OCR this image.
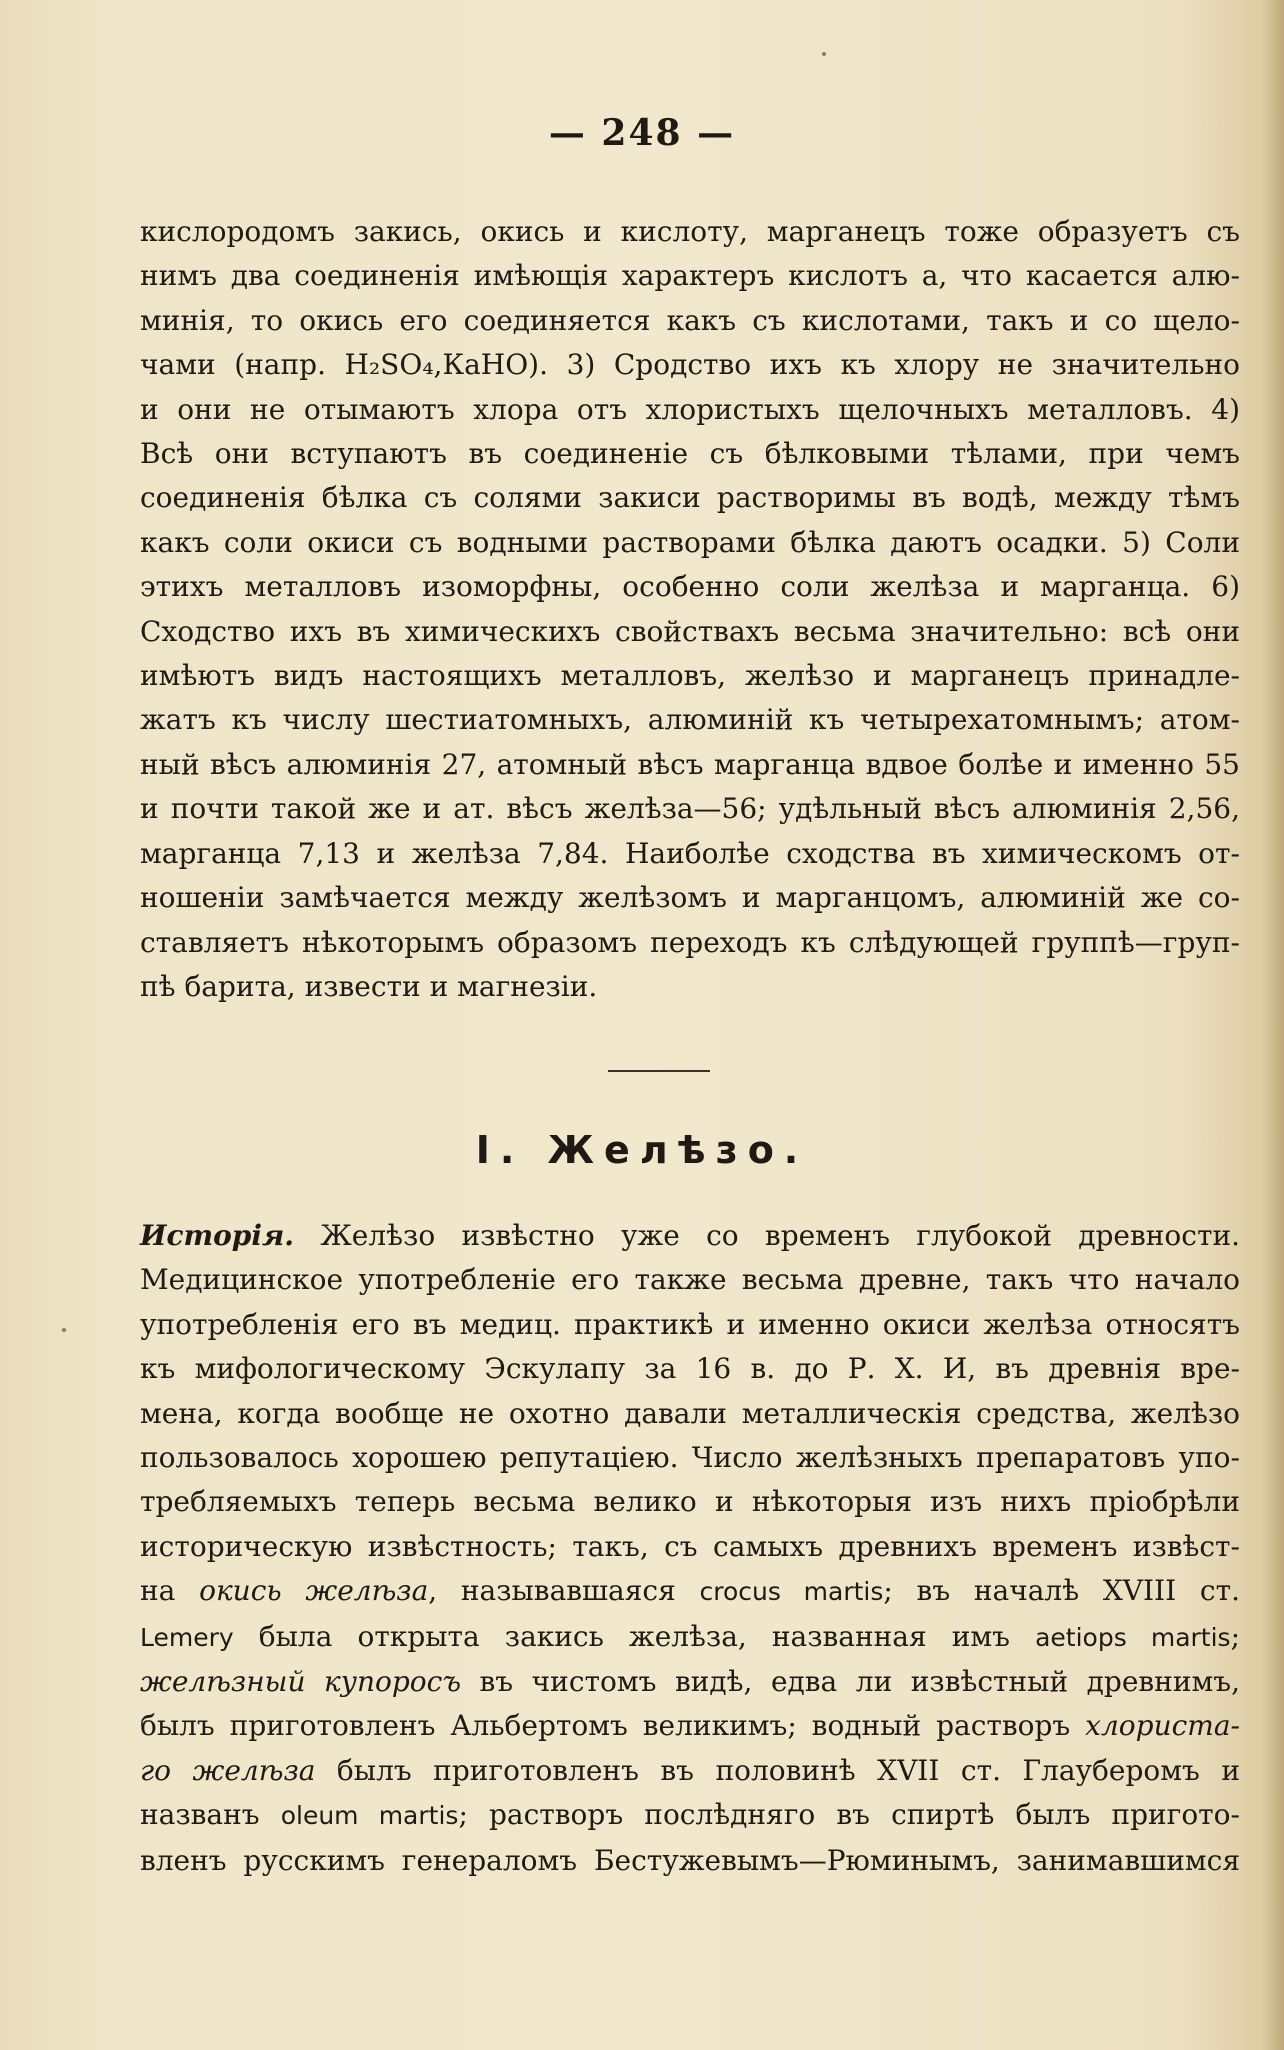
— 248 —
кислородомъ закись, окись и кислоту, марганецъ тоже образуетъ съ
нимъ два соединенія имѣющія характеръ кислотъ а, что касается алю-
минія, то окись его соединяется какъ съ кислотами, такъ и со щело-
чами (напр. H₂SO₄,КаНО). 3) Сродство ихъ къ хлору не значительно
и они не отымаютъ хлора отъ хлористыхъ щелочныхъ металловъ. 4)
Всѣ они вступаютъ въ соединеніе съ бѣлковыми тѣлами, при чемъ
соединенія бѣлка съ солями закиси растворимы въ водѣ, между тѣмъ
какъ соли окиси съ водными растворами бѣлка даютъ осадки. 5) Соли
этихъ металловъ изоморфны, особенно соли желѣза и марганца. 6)
Сходство ихъ въ химическихъ свойствахъ весьма значительно: всѣ они
имѣютъ видъ настоящихъ металловъ, желѣзо и марганецъ принадле-
жатъ къ числу шестиатомныхъ, алюминій къ четырехатомнымъ; атом-
ный вѣсъ алюминія 27, атомный вѣсъ марганца вдвое болѣе и именно 55
и почти такой же и ат. вѣсъ желѣза—56; удѣльный вѣсъ алюминія 2,56,
марганца 7,13 и желѣза 7,84. Наиболѣе сходства въ химическомъ от-
ношеніи замѣчается между желѣзомъ и марганцомъ, алюминій же со-
ставляетъ нѣкоторымъ образомъ переходъ къ слѣдующей группѣ—груп-
пѣ барита, извести и магнезіи.
I. Желѣзо.
Исторія. Желѣзо извѣстно уже со временъ глубокой древности.
Медицинское употребленіе его также весьма древне, такъ что начало
употребленія его въ медиц. практикѣ и именно окиси желѣза относятъ
къ мифологическому Эскулапу за 16 в. до Р. Х. И, въ древнія вре-
мена, когда вообще не охотно давали металлическія средства, желѣзо
пользовалось хорошею репутаціею. Число желѣзныхъ препаратовъ упо-
требляемыхъ теперь весьма велико и нѣкоторыя изъ нихъ пріобрѣли
историческую извѣстность; такъ, съ самыхъ древнихъ временъ извѣст-
на окись желѣза, называвшаяся crocus martis; въ началѣ XVIII ст.
Lemery была открыта закись желѣза, названная имъ aetiops martis;
желѣзный купоросъ въ чистомъ видѣ, едва ли извѣстный древнимъ,
былъ приготовленъ Альбертомъ великимъ; водный растворъ хлориста-
го желѣза былъ приготовленъ въ половинѣ XVII ст. Глауберомъ и
названъ oleum martis; растворъ послѣдняго въ спиртѣ былъ пригото-
вленъ русскимъ генераломъ Бестужевымъ—Рюминымъ, занимавшимся
